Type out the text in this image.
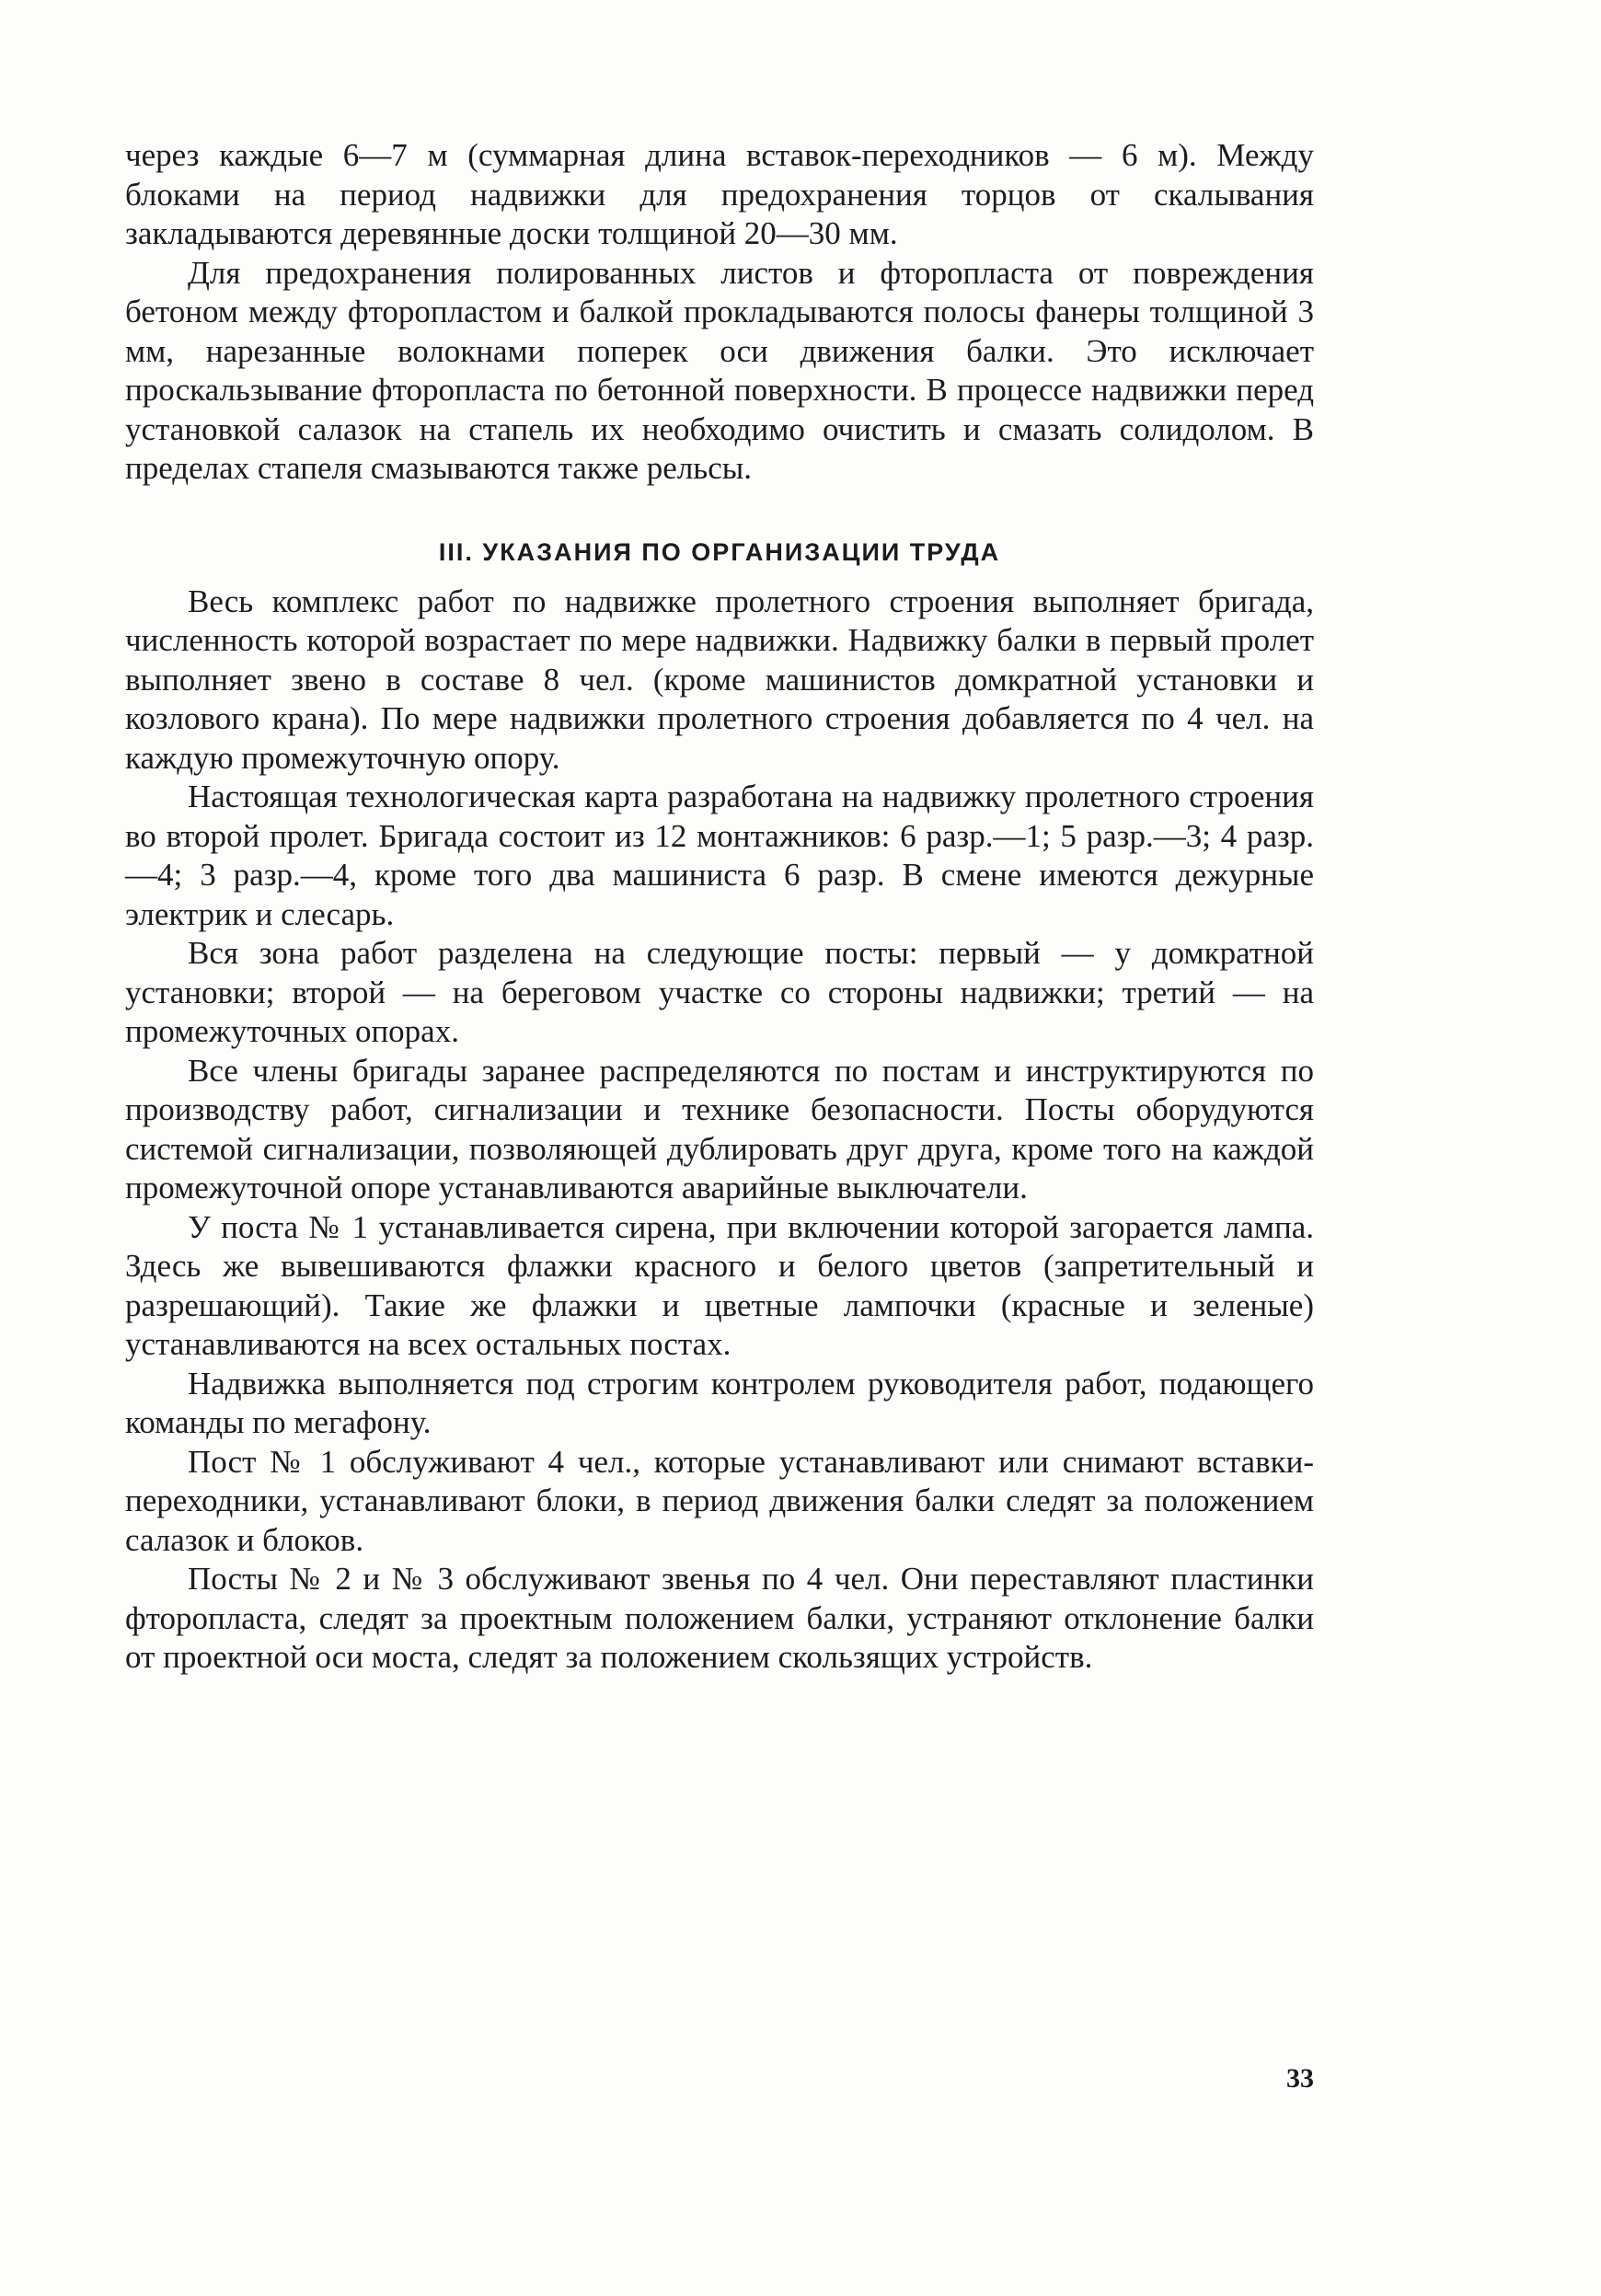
через каждые 6—7 м (суммарная длина вставок-переходников — 6 м). Между блоками на период надвижки для предохранения торцов от скалывания закладываются деревянные доски толщиной 20—30 мм.

Для предохранения полированных листов и фторопласта от повреждения бетоном между фторопластом и балкой прокладываются полосы фанеры толщиной 3 мм, нарезанные волокнами поперек оси движения балки. Это исключает проскальзывание фторопласта по бетонной поверхности. В процессе надвижки перед установкой салазок на стапель их необходимо очистить и смазать солидолом. В пределах стапеля смазываются также рельсы.

III. УКАЗАНИЯ ПО ОРГАНИЗАЦИИ ТРУДА

Весь комплекс работ по надвижке пролетного строения выполняет бригада, численность которой возрастает по мере надвижки. Надвижку балки в первый пролет выполняет звено в составе 8 чел. (кроме машинистов домкратной установки и козлового крана). По мере надвижки пролетного строения добавляется по 4 чел. на каждую промежуточную опору.

Настоящая технологическая карта разработана на надвижку пролетного строения во второй пролет. Бригада состоит из 12 монтажников: 6 разр.—1; 5 разр.—3; 4 разр.—4; 3 разр.—4, кроме того два машиниста 6 разр. В смене имеются дежурные электрик и слесарь.

Вся зона работ разделена на следующие посты: первый — у домкратной установки; второй — на береговом участке со стороны надвижки; третий — на промежуточных опорах.

Все члены бригады заранее распределяются по постам и инструктируются по производству работ, сигнализации и технике безопасности. Посты оборудуются системой сигнализации, позволяющей дублировать друг друга, кроме того на каждой промежуточной опоре устанавливаются аварийные выключатели.

У поста № 1 устанавливается сирена, при включении которой загорается лампа. Здесь же вывешиваются флажки красного и белого цветов (запретительный и разрешающий). Такие же флажки и цветные лампочки (красные и зеленые) устанавливаются на всех остальных постах.

Надвижка выполняется под строгим контролем руководителя работ, подающего команды по мегафону.

Пост № 1 обслуживают 4 чел., которые устанавливают или снимают вставки-переходники, устанавливают блоки, в период движения балки следят за положением салазок и блоков.

Посты № 2 и № 3 обслуживают звенья по 4 чел. Они переставляют пластинки фторопласта, следят за проектным положением балки, устраняют отклонение балки от проектной оси моста, следят за положением скользящих устройств.

33
